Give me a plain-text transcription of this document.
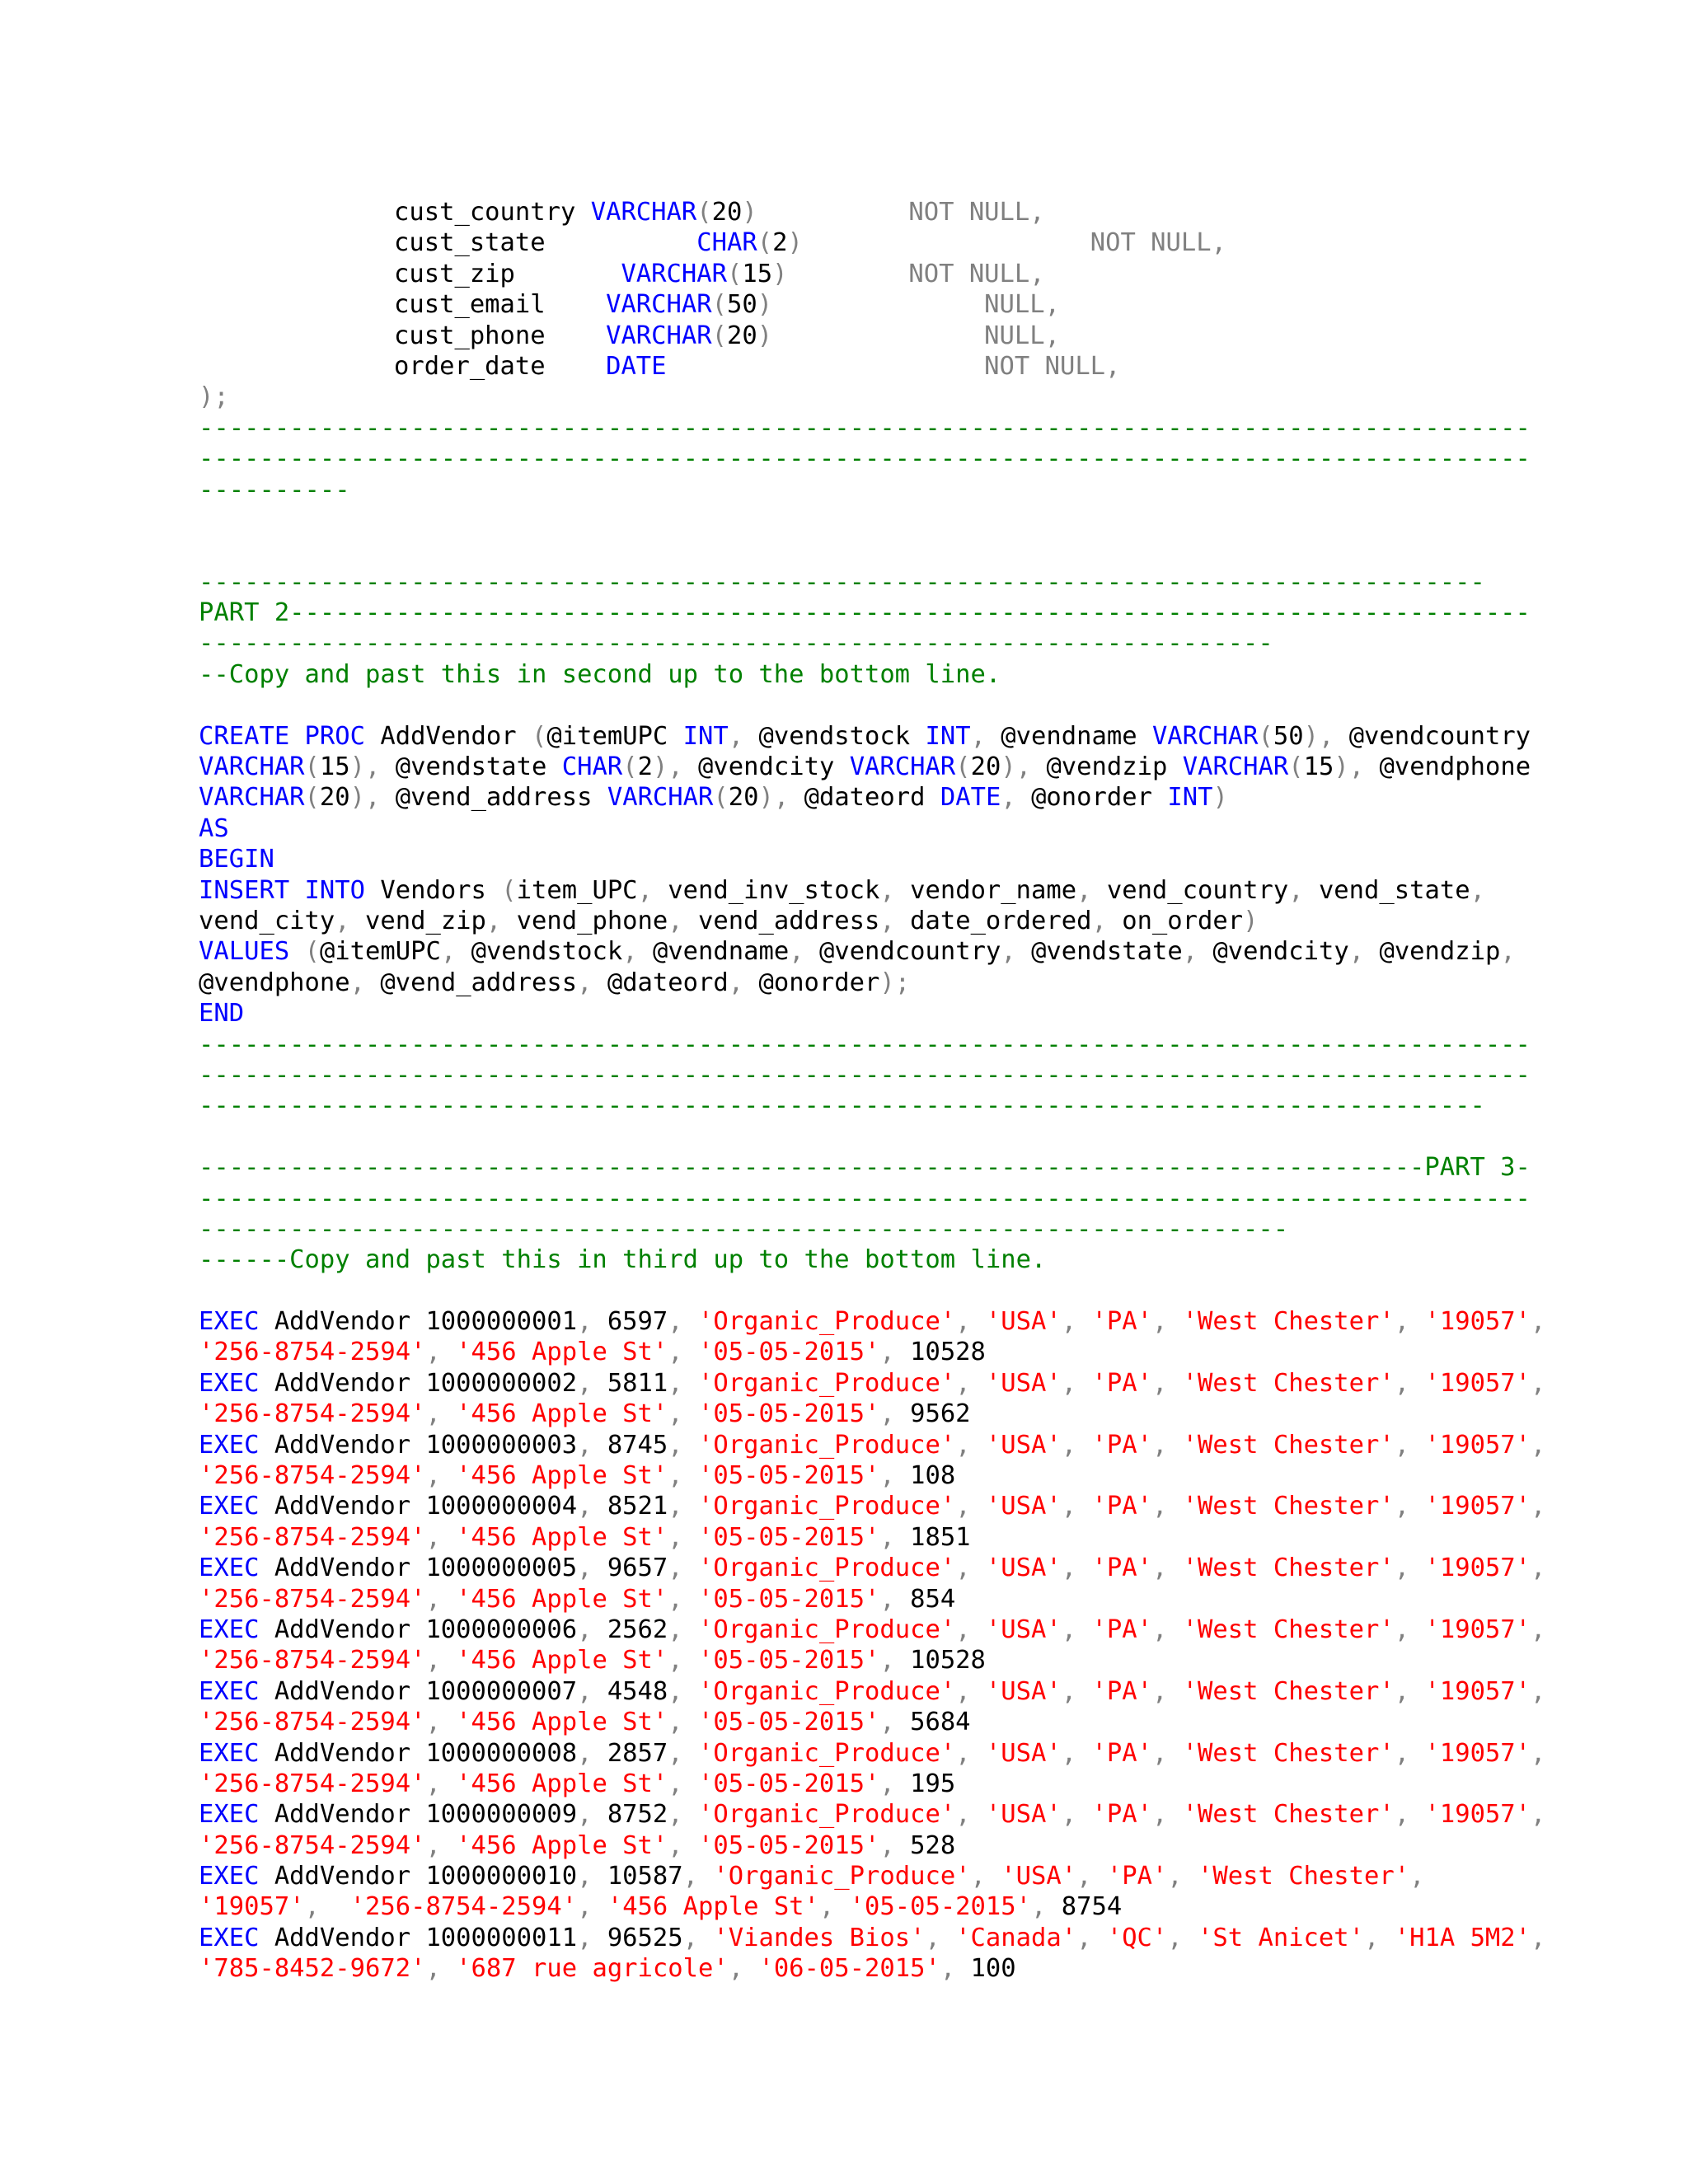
cust_country VARCHAR(20)          NOT NULL,
cust_state          CHAR(2)                   NOT NULL,
cust_zip       VARCHAR(15)        NOT NULL,
cust_email    VARCHAR(50)              NULL,
cust_phone    VARCHAR(20)              NULL,
order_date    DATE                     NOT NULL,
);
----------------------------------------------------------------------------------------
----------------------------------------------------------------------------------------
----------
-------------------------------------------------------------------------------------
PART 2----------------------------------------------------------------------------------
-----------------------------------------------------------------------
--Copy and past this in second up to the bottom line.
CREATE PROC AddVendor (@itemUPC INT, @vendstock INT, @vendname VARCHAR(50), @vendcountry
VARCHAR(15), @vendstate CHAR(2), @vendcity VARCHAR(20), @vendzip VARCHAR(15), @vendphone
VARCHAR(20), @vend_address VARCHAR(20), @dateord DATE, @onorder INT)
AS
BEGIN
INSERT INTO Vendors (item_UPC, vend_inv_stock, vendor_name, vend_country, vend_state,
vend_city, vend_zip, vend_phone, vend_address, date_ordered, on_order)
VALUES (@itemUPC, @vendstock, @vendname, @vendcountry, @vendstate, @vendcity, @vendzip,
@vendphone, @vend_address, @dateord, @onorder);
END
----------------------------------------------------------------------------------------
----------------------------------------------------------------------------------------
-------------------------------------------------------------------------------------
---------------------------------------------------------------------------------PART 3-
----------------------------------------------------------------------------------------
------------------------------------------------------------------------
------Copy and past this in third up to the bottom line.
EXEC AddVendor 1000000001, 6597, 'Organic_Produce', 'USA', 'PA', 'West Chester', '19057',
'256-8754-2594', '456 Apple St', '05-05-2015', 10528
EXEC AddVendor 1000000002, 5811, 'Organic_Produce', 'USA', 'PA', 'West Chester', '19057',
'256-8754-2594', '456 Apple St', '05-05-2015', 9562
EXEC AddVendor 1000000003, 8745, 'Organic_Produce', 'USA', 'PA', 'West Chester', '19057',
'256-8754-2594', '456 Apple St', '05-05-2015', 108
EXEC AddVendor 1000000004, 8521, 'Organic_Produce', 'USA', 'PA', 'West Chester', '19057',
'256-8754-2594', '456 Apple St', '05-05-2015', 1851
EXEC AddVendor 1000000005, 9657, 'Organic_Produce', 'USA', 'PA', 'West Chester', '19057',
'256-8754-2594', '456 Apple St', '05-05-2015', 854
EXEC AddVendor 1000000006, 2562, 'Organic_Produce', 'USA', 'PA', 'West Chester', '19057',
'256-8754-2594', '456 Apple St', '05-05-2015', 10528
EXEC AddVendor 1000000007, 4548, 'Organic_Produce', 'USA', 'PA', 'West Chester', '19057',
'256-8754-2594', '456 Apple St', '05-05-2015', 5684
EXEC AddVendor 1000000008, 2857, 'Organic_Produce', 'USA', 'PA', 'West Chester', '19057',
'256-8754-2594', '456 Apple St', '05-05-2015', 195
EXEC AddVendor 1000000009, 8752, 'Organic_Produce', 'USA', 'PA', 'West Chester', '19057',
'256-8754-2594', '456 Apple St', '05-05-2015', 528
EXEC AddVendor 1000000010, 10587, 'Organic_Produce', 'USA', 'PA', 'West Chester',
'19057',  '256-8754-2594', '456 Apple St', '05-05-2015', 8754
EXEC AddVendor 1000000011, 96525, 'Viandes Bios', 'Canada', 'QC', 'St Anicet', 'H1A 5M2',
'785-8452-9672', '687 rue agricole', '06-05-2015', 100
